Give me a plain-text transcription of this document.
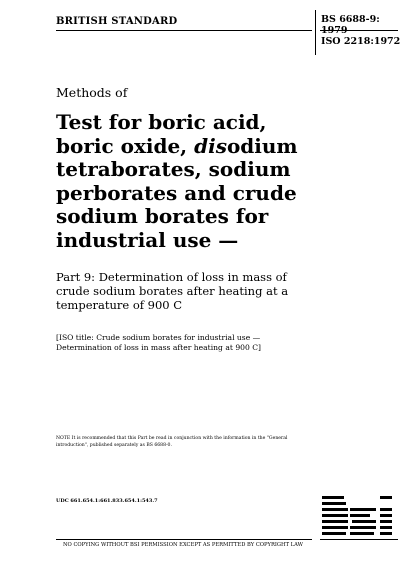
BRITISH STANDARD	BS 6688-9:
1979
ISO 2218:1972
Methods of
Test for boric acid,
boric oxide, disodium
tetraborates, sodium
perborates and crude
sodium borates for
industrial use —
Part 9: Determination of loss in mass of crude sodium borates after heating at a temperature of 900 C
[ISO title: Crude sodium borates for industrial use — Determination of loss in mass after heating at 900 C]
NOTE It is recommended that this Part be read in conjunction with the information in the "General introduction", published separately as BS 6688-0.
UDC 661.654.1:661.833.654.1:543.7
NO COPYING WITHOUT BSI PERMISSION EXCEPT AS PERMITTED BY COPYRIGHT LAW
